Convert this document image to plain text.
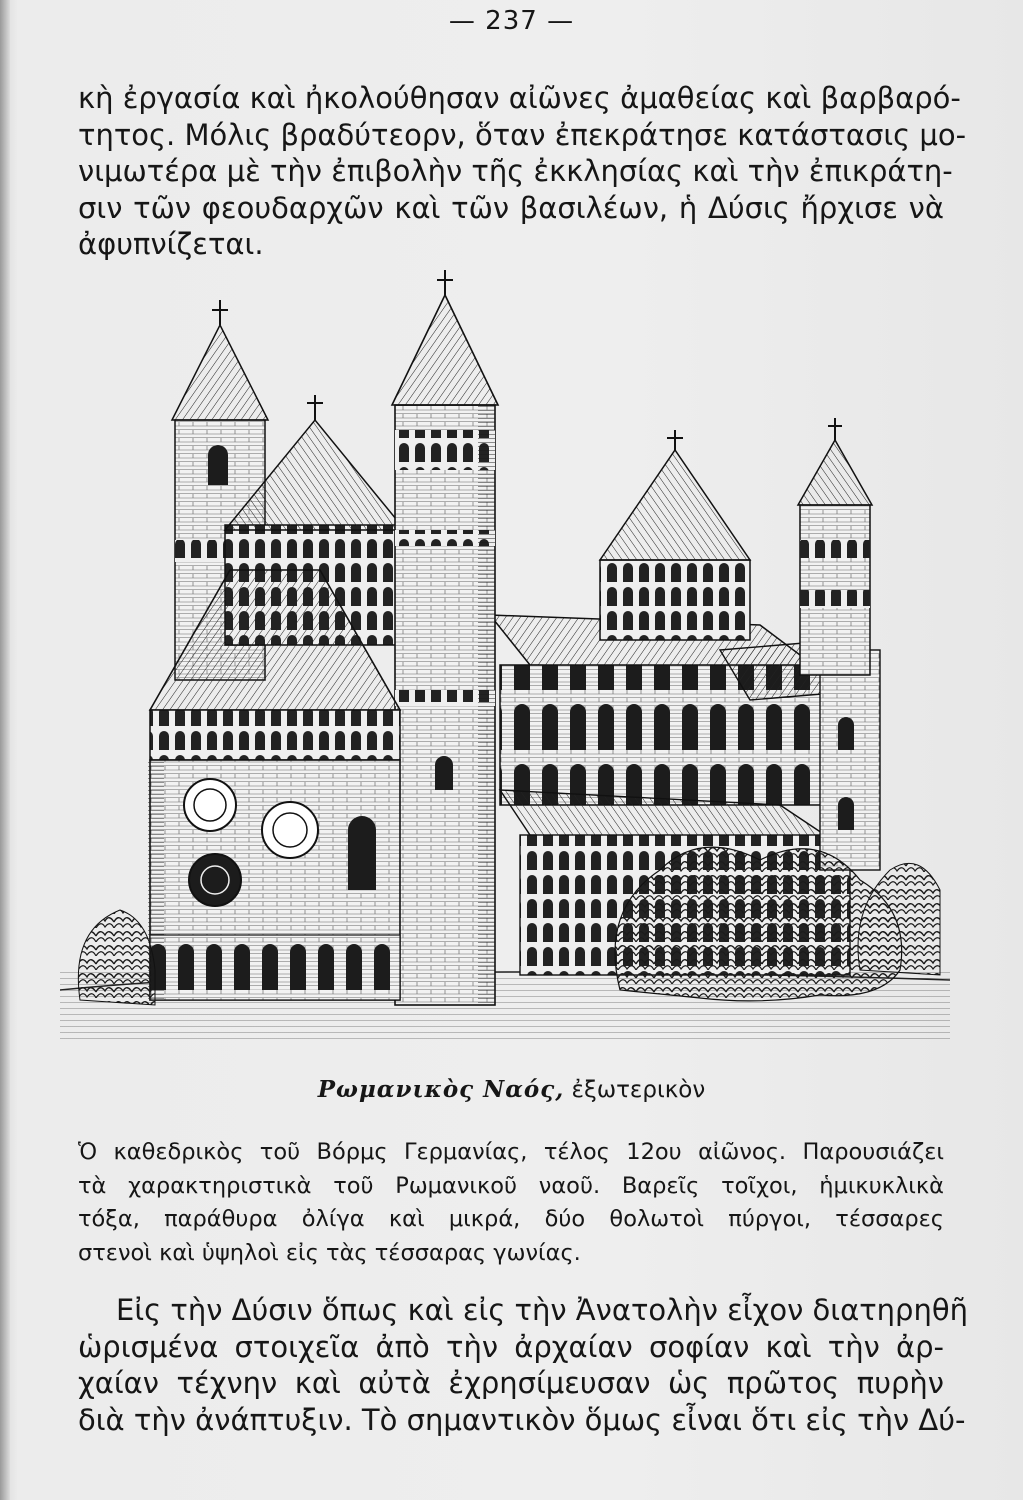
— 237 —
κὴ ἐργασία καὶ ἠκολούθησαν αἰῶνες ἀμαθείας καὶ βαρβαρό-
τητος. Μόλις βραδύτεορν, ὅταν ἐπεκράτησε κατάστασις μο-
νιμωτέρα μὲ τὴν ἐπιβολὴν τῆς ἐκκλησίας καὶ τὴν ἐπικράτη-
σιν τῶν φεουδαρχῶν καὶ τῶν βασιλέων, ἡ Δύσις ἤρχισε νὰ
ἀφυπνίζεται.
Ρωμανικὸς Ναός, ἐξωτερικὸν
Ὁ καθεδρικὸς τοῦ Βόρμς Γερμανίας, τέλος 12ου αἰῶνος. Παρουσιάζει
τὰ χαρακτηριστικὰ τοῦ Ρωμανικοῦ ναοῦ. Βαρεῖς τοῖχοι, ἡμικυκλικὰ
τόξα, παράθυρα ὀλίγα καὶ μικρά, δύο θολωτοὶ πύργοι, τέσσαρες
στενοὶ καὶ ὑψηλοὶ εἰς τὰς τέσσαρας γωνίας.
Εἰς τὴν Δύσιν ὅπως καὶ εἰς τὴν Ἀνατολὴν εἶχον διατηρηθῆ
ὡρισμένα στοιχεῖα ἀπὸ τὴν ἀρχαίαν σοφίαν καὶ τὴν ἀρ-
χαίαν τέχνην καὶ αὐτὰ ἐχρησίμευσαν ὡς πρῶτος πυρὴν
διὰ τὴν ἀνάπτυξιν. Τὸ σημαντικὸν ὅμως εἶναι ὅτι εἰς τὴν Δύ-
